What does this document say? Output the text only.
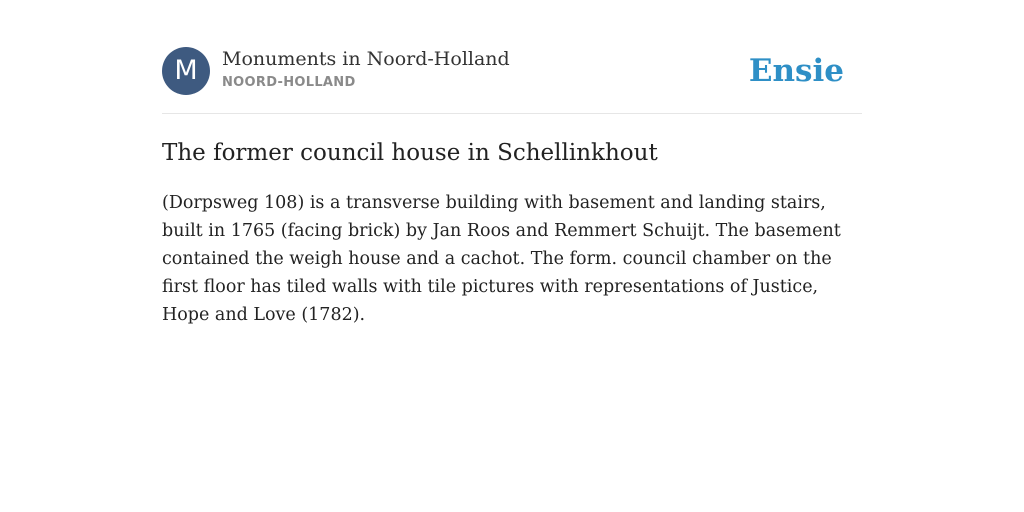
M	Monuments in Noord-Holland
NOORD-HOLLAND	Ensie
The former council house in Schellinkhout

(Dorpsweg 108) is a transverse building with basement and landing stairs, built in 1765 (facing brick) by Jan Roos and Remmert Schuijt. The basement contained the weigh house and a cachot. The form. council chamber on the first floor has tiled walls with tile pictures with representations of Justice, Hope and Love (1782).
